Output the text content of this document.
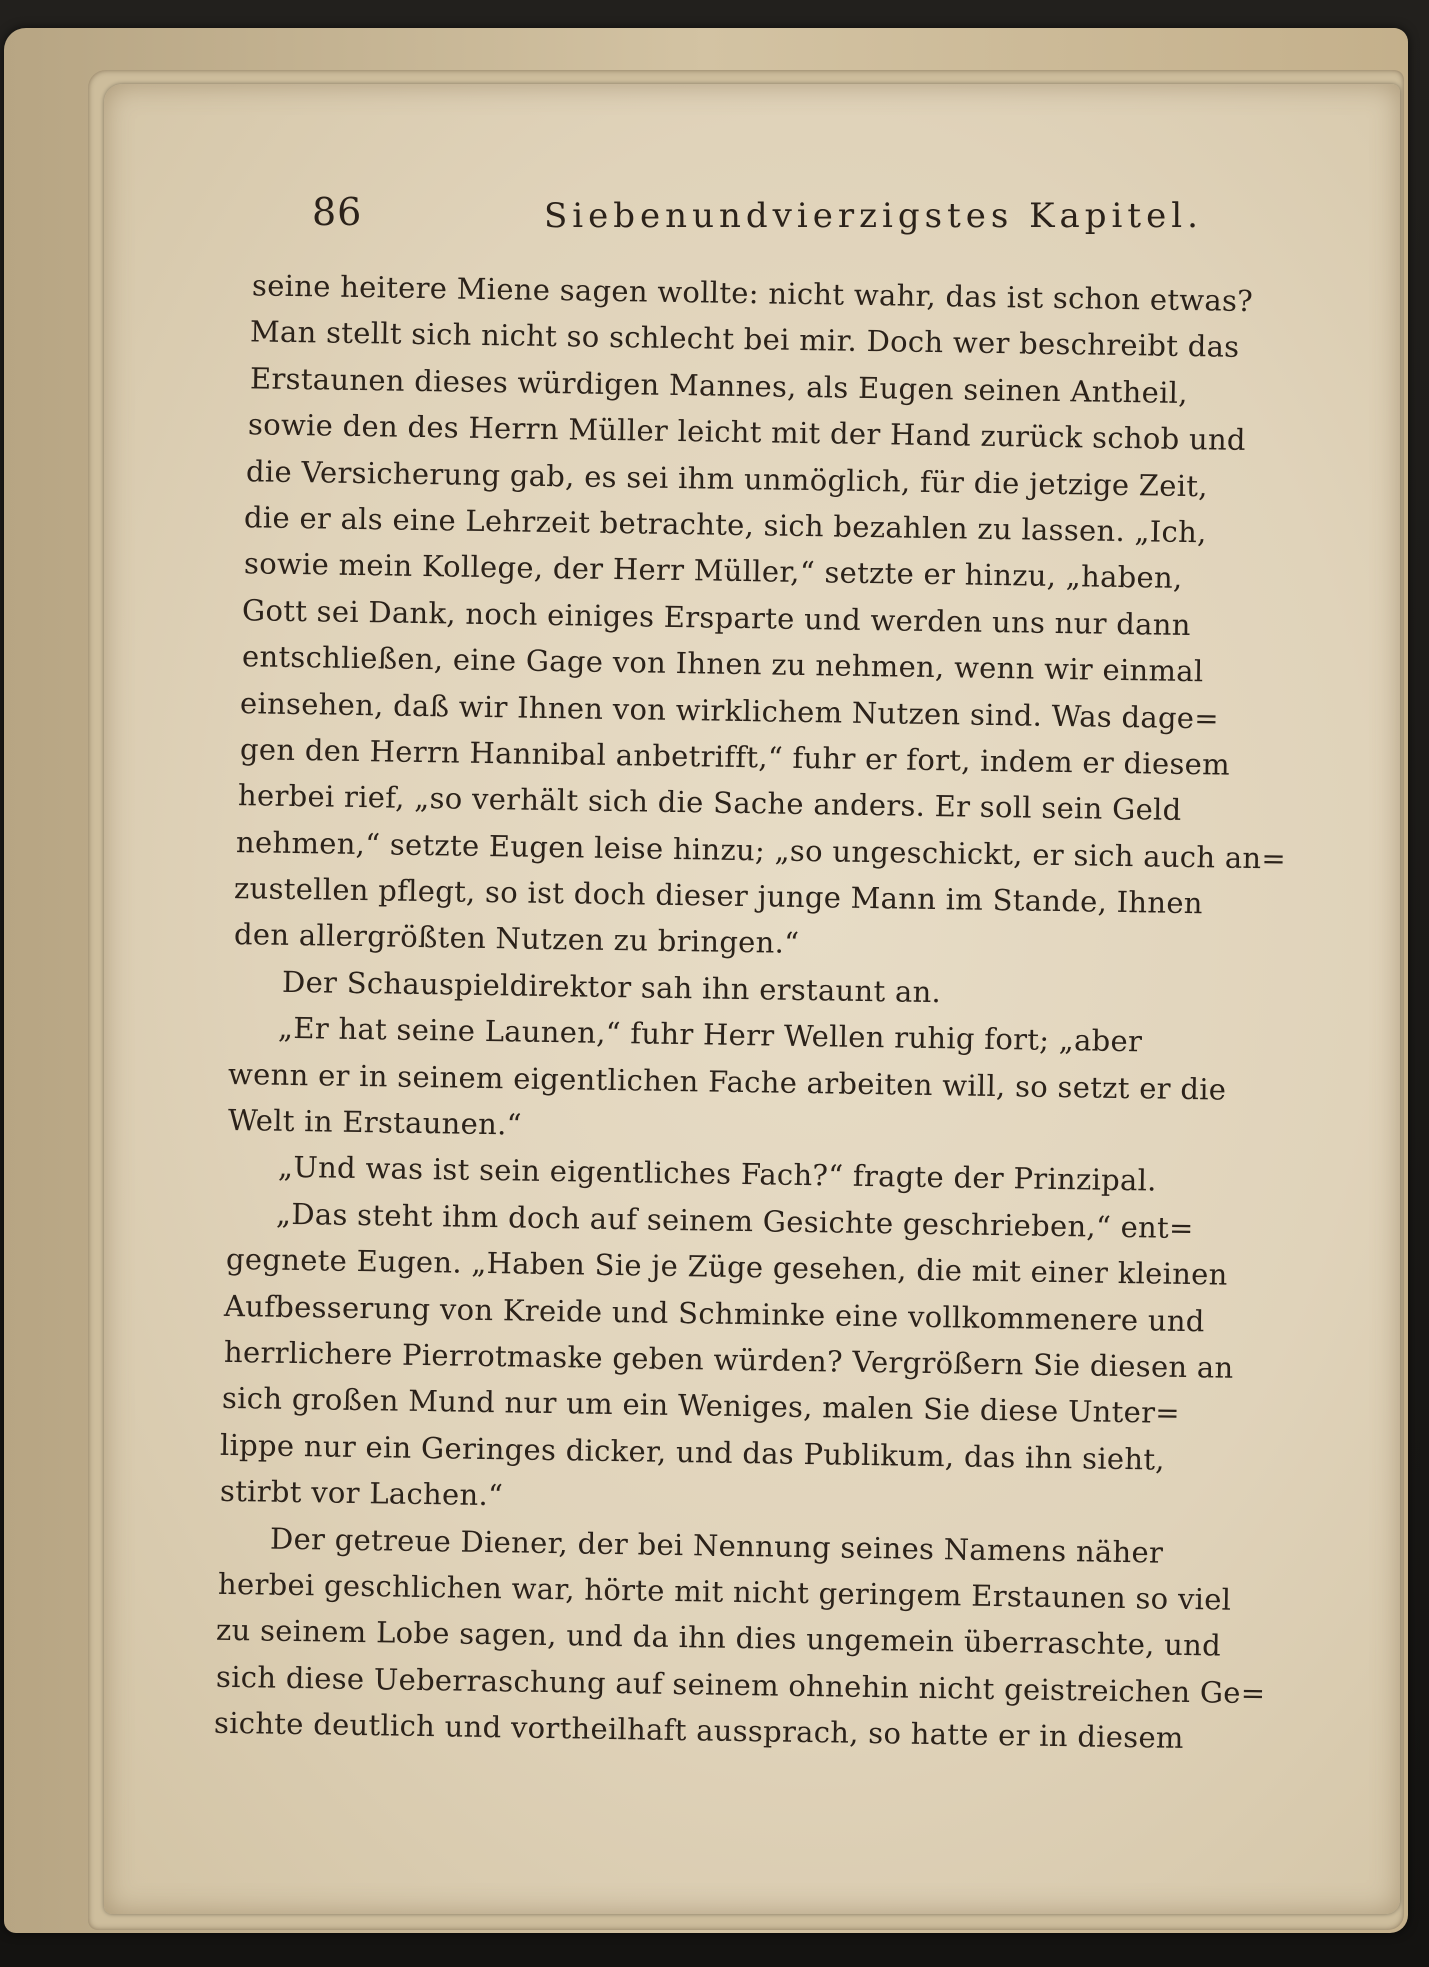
86	Siebenundvierzigstes Kapitel.
seine heitere Miene sagen wollte: nicht wahr, das ist schon etwas?
Man stellt sich nicht so schlecht bei mir. Doch wer beschreibt das
Erstaunen dieses würdigen Mannes, als Eugen seinen Antheil,
sowie den des Herrn Müller leicht mit der Hand zurück schob und
die Versicherung gab, es sei ihm unmöglich, für die jetzige Zeit,
die er als eine Lehrzeit betrachte, sich bezahlen zu lassen. „Ich,
sowie mein Kollege, der Herr Müller,“ setzte er hinzu, „haben,
Gott sei Dank, noch einiges Ersparte und werden uns nur dann
entschließen, eine Gage von Ihnen zu nehmen, wenn wir einmal
einsehen, daß wir Ihnen von wirklichem Nutzen sind. Was dage=
gen den Herrn Hannibal anbetrifft,“ fuhr er fort, indem er diesem
herbei rief, „so verhält sich die Sache anders. Er soll sein Geld
nehmen,“ setzte Eugen leise hinzu; „so ungeschickt, er sich auch an=
zustellen pflegt, so ist doch dieser junge Mann im Stande, Ihnen
den allergrößten Nutzen zu bringen.“
Der Schauspieldirektor sah ihn erstaunt an.
„Er hat seine Launen,“ fuhr Herr Wellen ruhig fort; „aber
wenn er in seinem eigentlichen Fache arbeiten will, so setzt er die
Welt in Erstaunen.“
„Und was ist sein eigentliches Fach?“ fragte der Prinzipal.
„Das steht ihm doch auf seinem Gesichte geschrieben,“ ent=
gegnete Eugen. „Haben Sie je Züge gesehen, die mit einer kleinen
Aufbesserung von Kreide und Schminke eine vollkommenere und
herrlichere Pierrotmaske geben würden? Vergrößern Sie diesen an
sich großen Mund nur um ein Weniges, malen Sie diese Unter=
lippe nur ein Geringes dicker, und das Publikum, das ihn sieht,
stirbt vor Lachen.“
Der getreue Diener, der bei Nennung seines Namens näher
herbei geschlichen war, hörte mit nicht geringem Erstaunen so viel
zu seinem Lobe sagen, und da ihn dies ungemein überraschte, und
sich diese Ueberraschung auf seinem ohnehin nicht geistreichen Ge=
sichte deutlich und vortheilhaft aussprach, so hatte er in diesem
